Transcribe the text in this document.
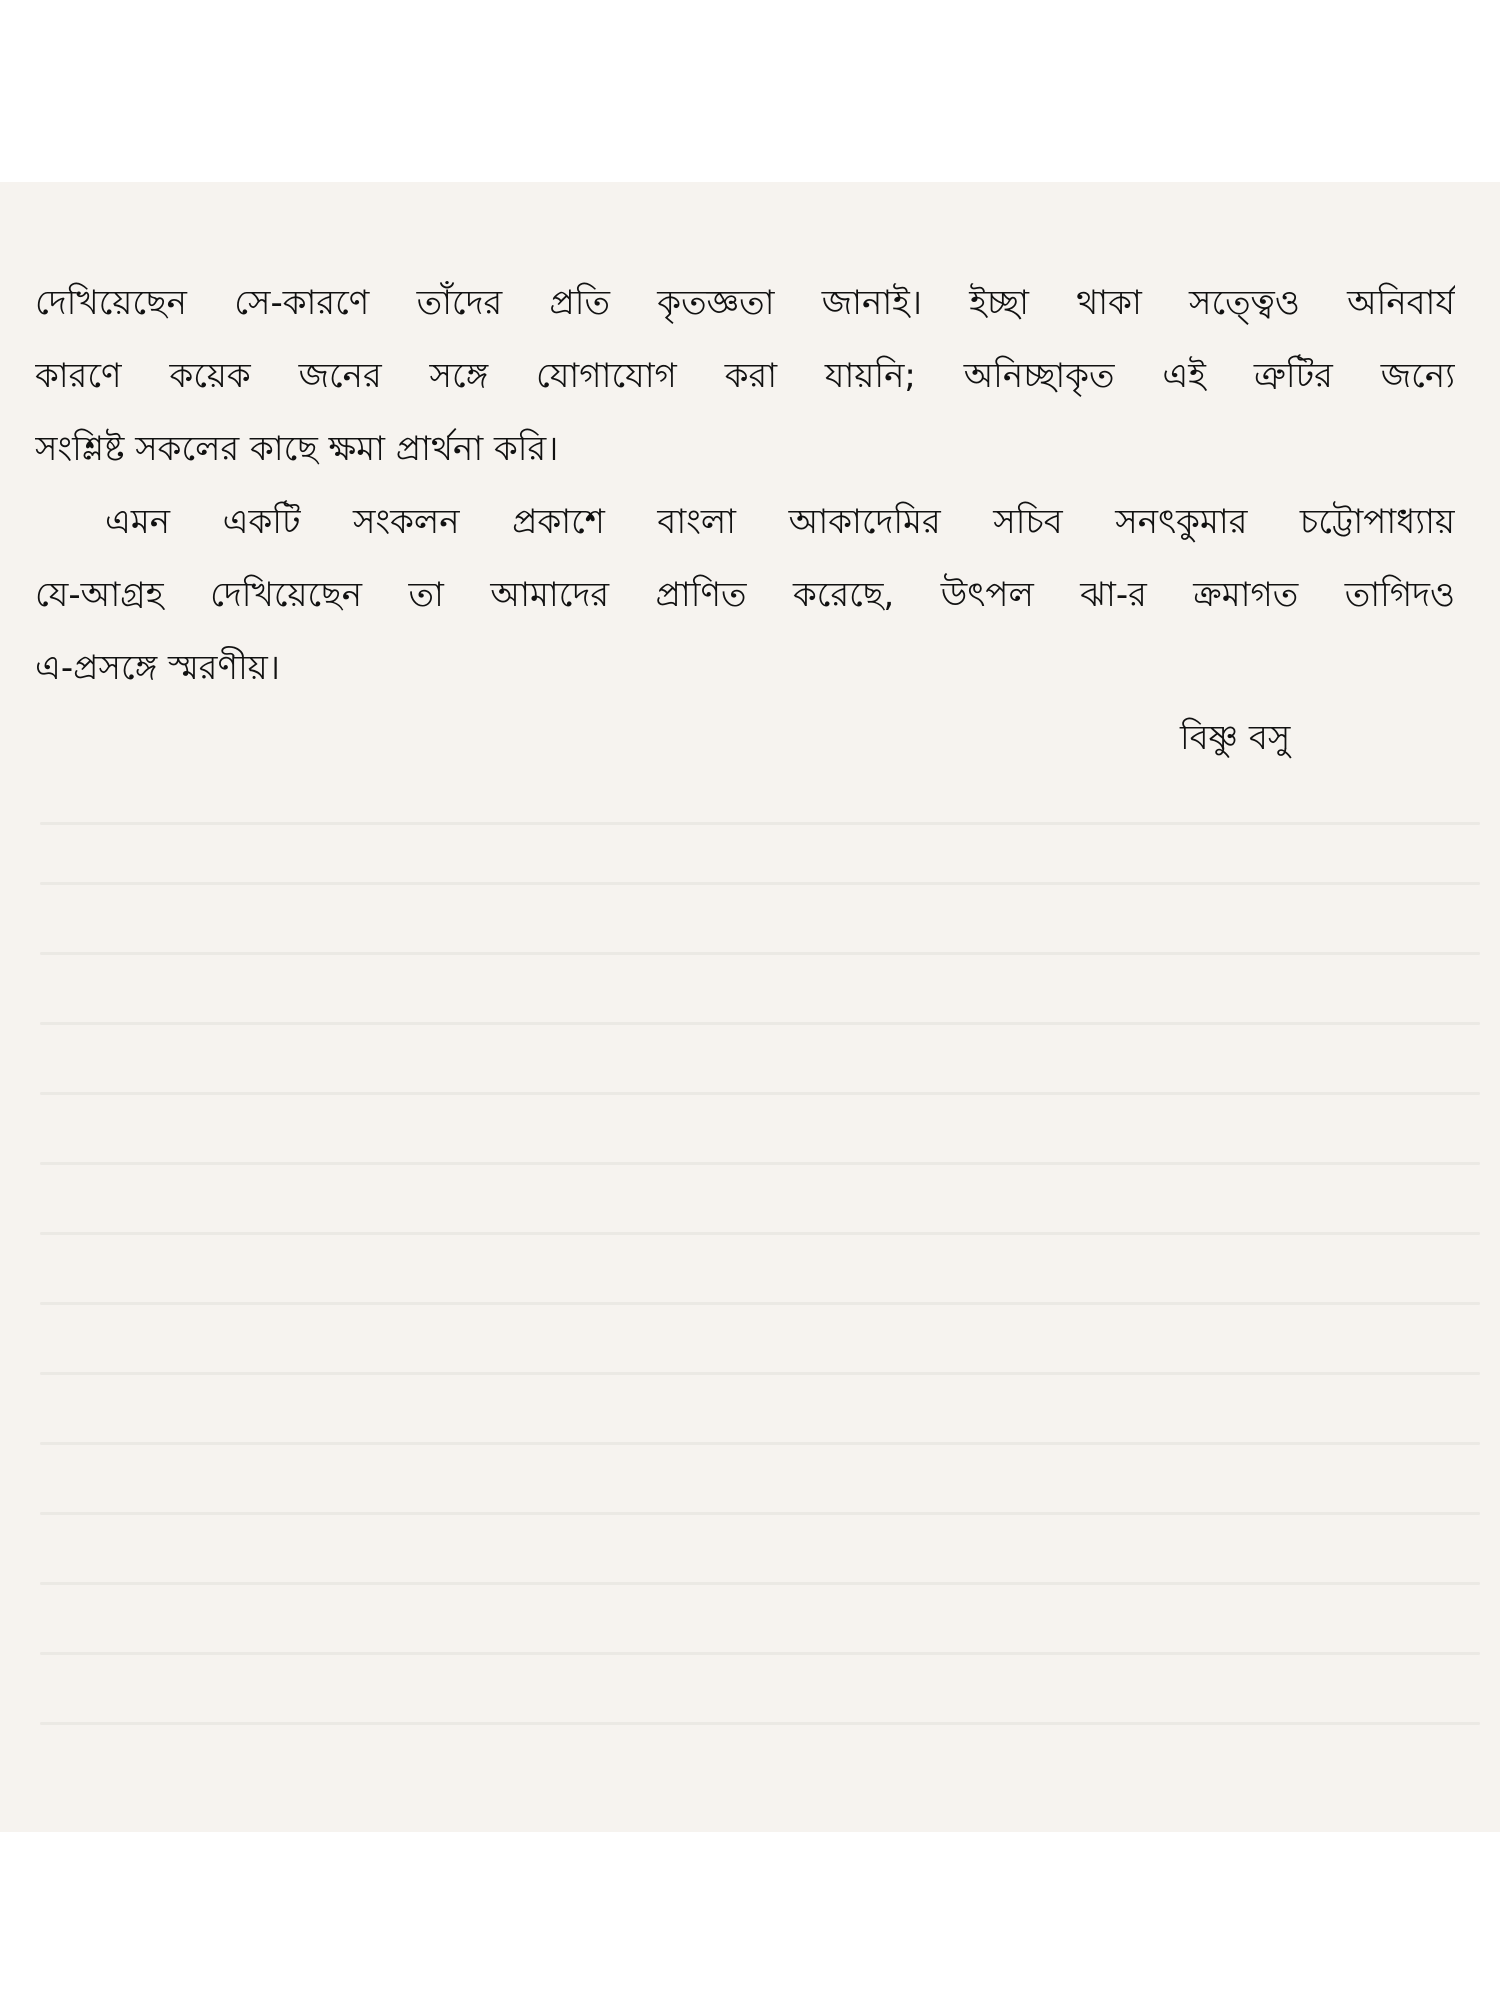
দেখিয়েছেন সে-কারণে তাঁদের প্রতি কৃতজ্ঞতা জানাই। ইচ্ছা থাকা সত্ত্বেও অনিবার্য
কারণে কয়েক জনের সঙ্গে যোগাযোগ করা যায়নি; অনিচ্ছাকৃত এই ত্রুটির জন্যে
সংশ্লিষ্ট সকলের কাছে ক্ষমা প্রার্থনা করি।
এমন একটি সংকলন প্রকাশে বাংলা আকাদেমির সচিব সনৎকুমার চট্টোপাধ্যায়
যে-আগ্রহ দেখিয়েছেন তা আমাদের প্রাণিত করেছে, উৎপল ঝা-র ক্রমাগত তাগিদও
এ-প্রসঙ্গে স্মরণীয়।
বিষ্ণু বসু
